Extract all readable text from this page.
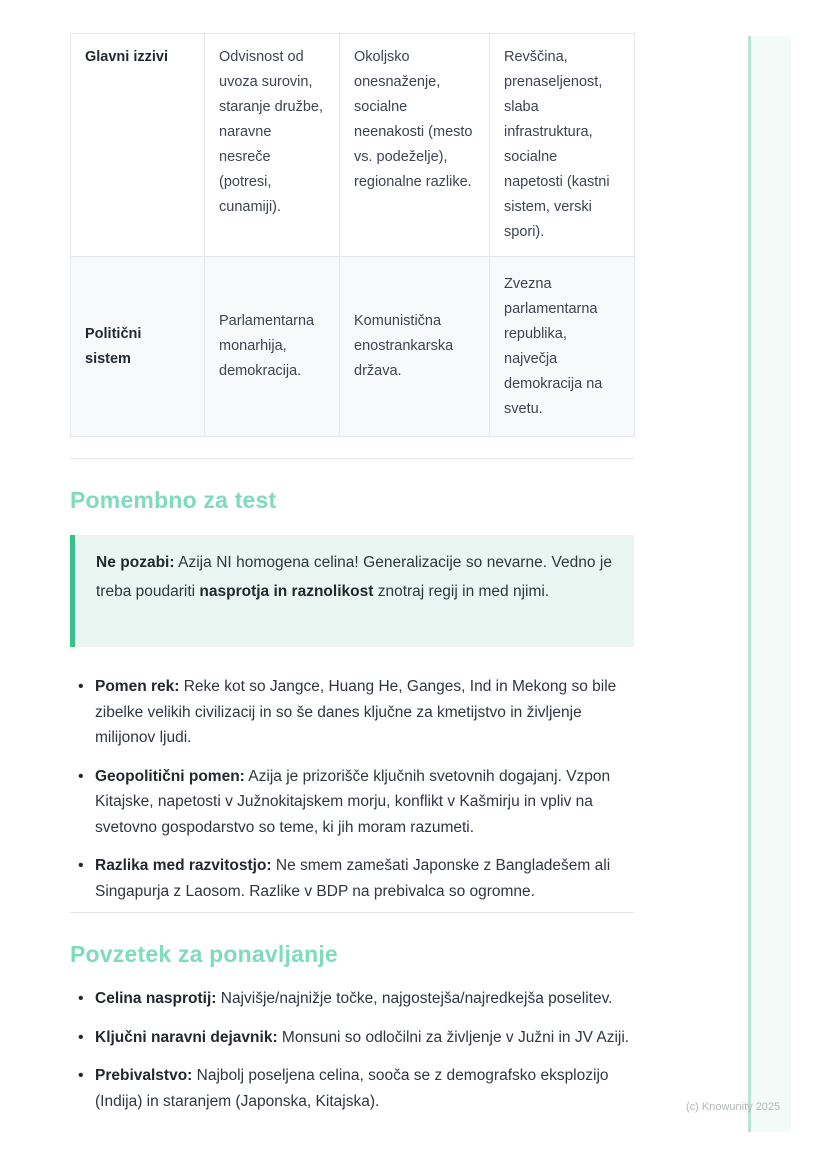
Glavni izzivi	Odvisnost od uvoza surovin, staranje družbe, naravne nesreče (potresi, cunamiji).	Okoljsko onesnaženje, socialne neenakosti (mesto vs. podeželje), regionalne razlike.	Revščina, prenaseljenost, slaba infrastruktura, socialne napetosti (kastni sistem, verski spori).
Politični sistem	Parlamentarna monarhija, demokracija.	Komunistična enostrankarska država.	Zvezna parlamentarna republika, največja demokracija na svetu.
Pomembno za test
Ne pozabi: Azija NI homogena celina! Generalizacije so nevarne. Vedno je treba poudariti nasprotja in raznolikost znotraj regij in med njimi.
• Pomen rek: Reke kot so Jangce, Huang He, Ganges, Ind in Mekong so bile zibelke velikih civilizacij in so še danes ključne za kmetijstvo in življenje milijonov ljudi.
• Geopolitični pomen: Azija je prizorišče ključnih svetovnih dogajanj. Vzpon Kitajske, napetosti v Južnokitajskem morju, konflikt v Kašmirju in vpliv na svetovno gospodarstvo so teme, ki jih moram razumeti.
• Razlika med razvitostjo: Ne smem zamešati Japonske z Bangladešem ali Singapurja z Laosom. Razlike v BDP na prebivalca so ogromne.
Povzetek za ponavljanje
• Celina nasprotij: Najvišje/najnižje točke, najgostejša/najredkejša poselitev.
• Ključni naravni dejavnik: Monsuni so odločilni za življenje v Južni in JV Aziji.
• Prebivalstvo: Najbolj poseljena celina, sooča se z demografsko eksplozijo (Indija) in staranjem (Japonska, Kitajska).	(c) Knowunity 2025
